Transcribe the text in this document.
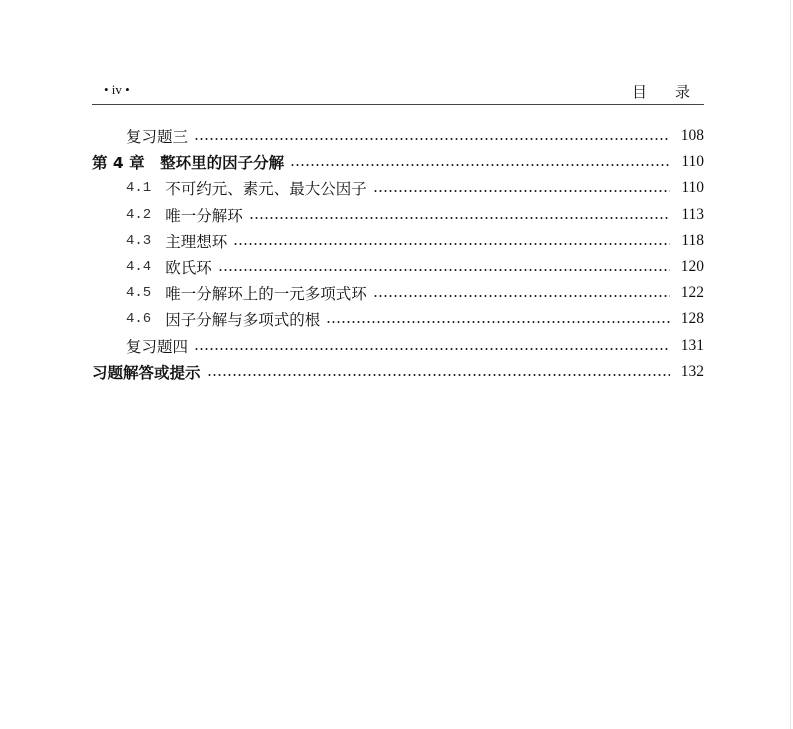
• iv •	目录
复习题三	108
第 4 章　整环里的因子分解	110
4.1 不可约元、素元、最大公因子	110
4.2 唯一分解环	113
4.3 主理想环	118
4.4 欧氏环	120
4.5 唯一分解环上的一元多项式环	122
4.6 因子分解与多项式的根	128
复习题四	131
习题解答或提示	132
